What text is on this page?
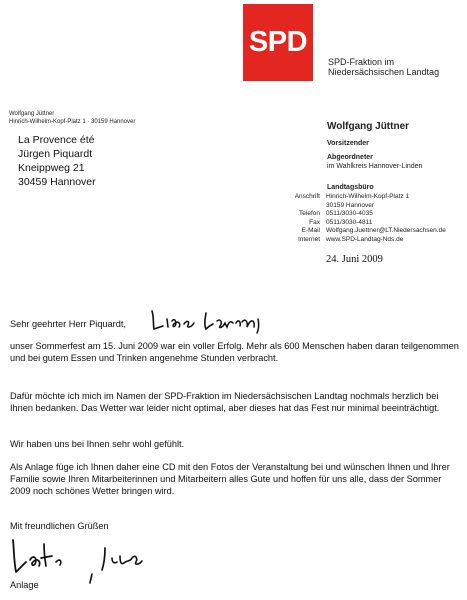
SPD
SPD-Fraktion im
Niedersächsischen Landtag
Wolfgang Jüttner
Hinrich-Wilhelm-Kopf-Platz 1 · 30159 Hannover
La Provence été
Jürgen Piquardt
Kneippweg 21
30459 Hannover
Wolfgang Jüttner
Vorsitzender
Abgeordneter
im Wahlkreis Hannover-Linden
Landtagsbüro
Anschrift Hinrich-Wilhelm-Kopf-Platz 1
30159 Hannover
Telefon 0511/3030-4035
Fax 0511/3030-4811
E-Mail Wolfgang.Juettner@LT.Niedersachsen.de
Internet www.SPD-Landtag-Nds.de
24. Juni 2009
Sehr geehrter Herr Piquardt,
unser Sommerfest am 15. Juni 2009 war ein voller Erfolg. Mehr als 600 Menschen haben daran teilgenommen und bei gutem Essen und Trinken angenehme Stunden verbracht.
Dafür möchte ich mich im Namen der SPD-Fraktion im Niedersächsischen Landtag nochmals herzlich bei Ihnen bedanken. Das Wetter war leider nicht optimal, aber dieses hat das Fest nur minimal beeinträchtigt.
Wir haben uns bei Ihnen sehr wohl gefühlt.
Als Anlage füge ich Ihnen daher eine CD mit den Fotos der Veranstaltung bei und wünschen Ihnen und Ihrer Familie sowie Ihren Mitarbeiterinnen und Mitarbeitern alles Gute und hoffen für uns alle, dass der Sommer 2009 noch schönes Wetter bringen wird.
Mit freundlichen Grüßen
Anlage
